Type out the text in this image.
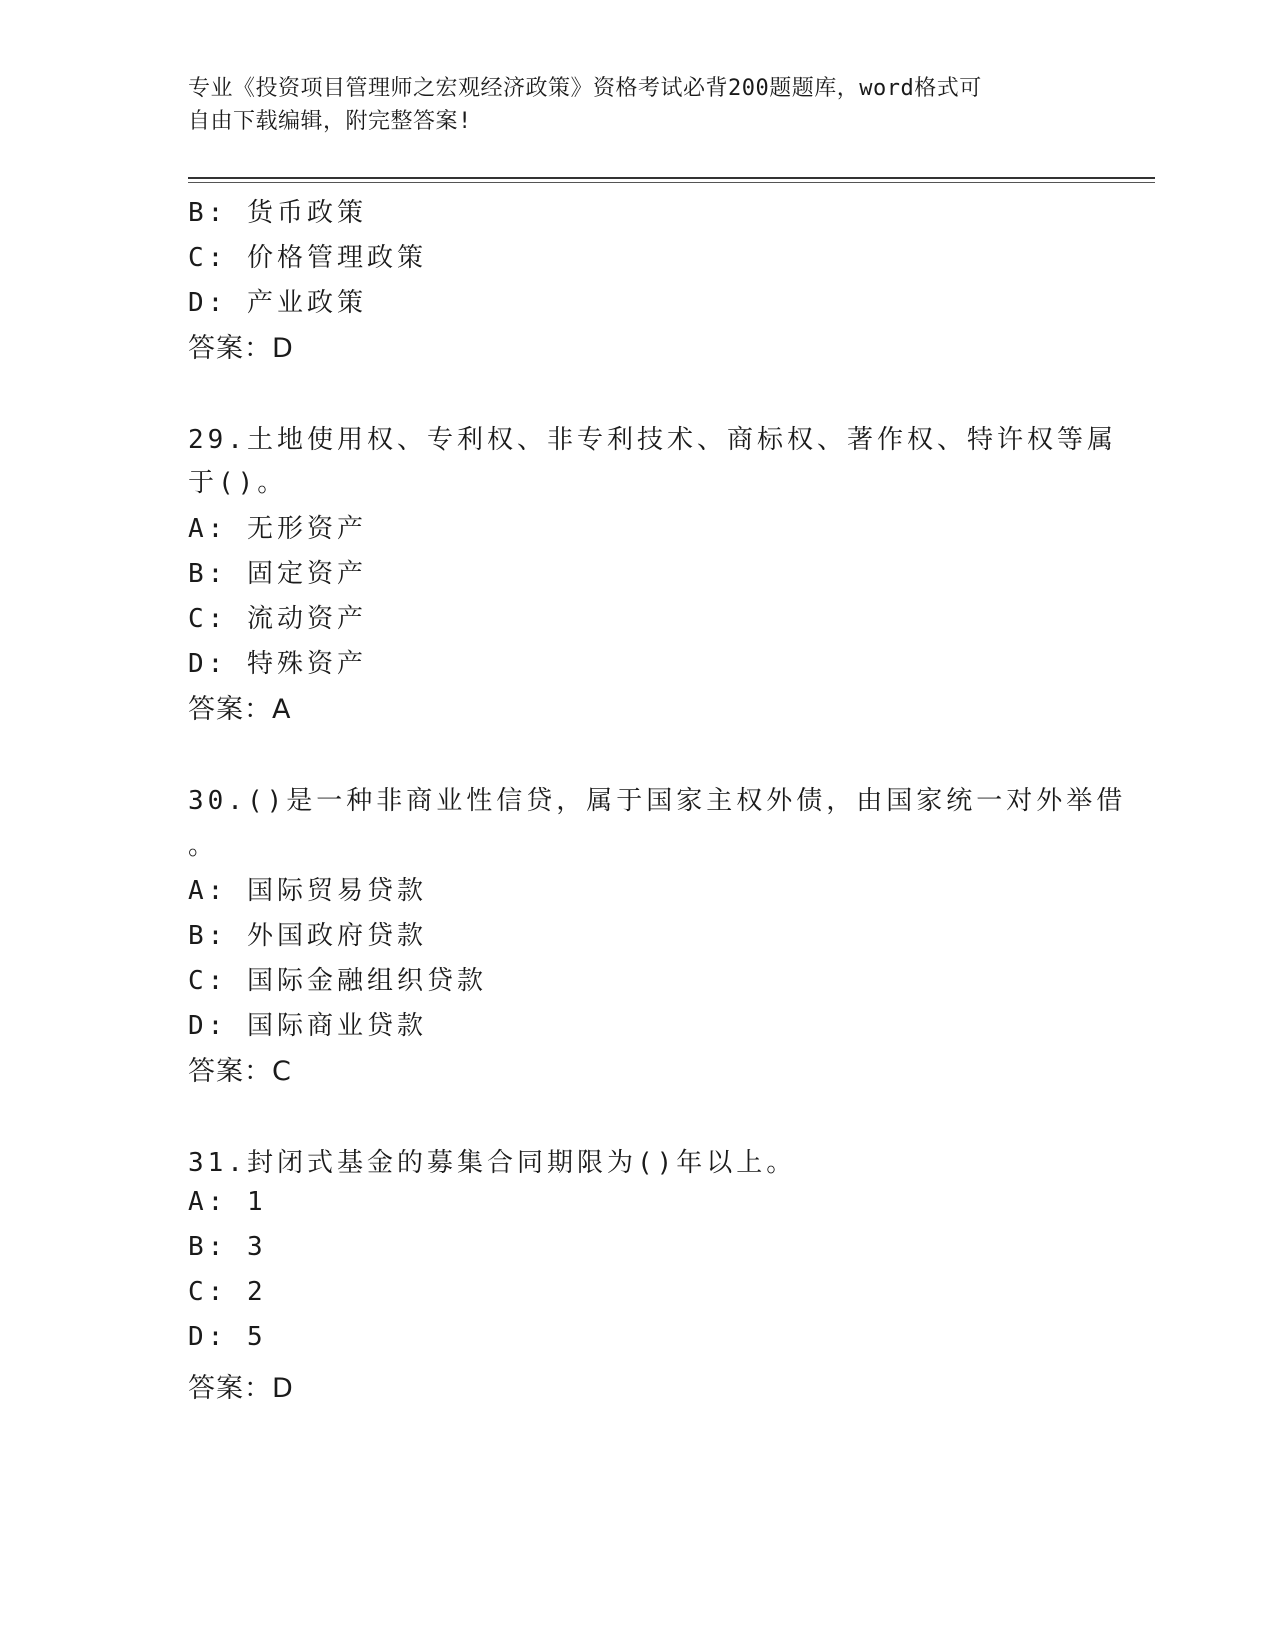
专业《投资项目管理师之宏观经济政策》资格考试必背200题题库，word格式可
自由下载编辑，附完整答案!
B: 货币政策
C: 价格管理政策
D: 产业政策
答案：D
29.土地使用权、专利权、非专利技术、商标权、著作权、特许权等属
于()。
A: 无形资产
B: 固定资产
C: 流动资产
D: 特殊资产
答案：A
30.()是一种非商业性信贷，属于国家主权外债，由国家统一对外举借
。
A: 国际贸易贷款
B: 外国政府贷款
C: 国际金融组织贷款
D: 国际商业贷款
答案：C
31.封闭式基金的募集合同期限为()年以上。
A: 1
B: 3
C: 2
D: 5
答案：D
